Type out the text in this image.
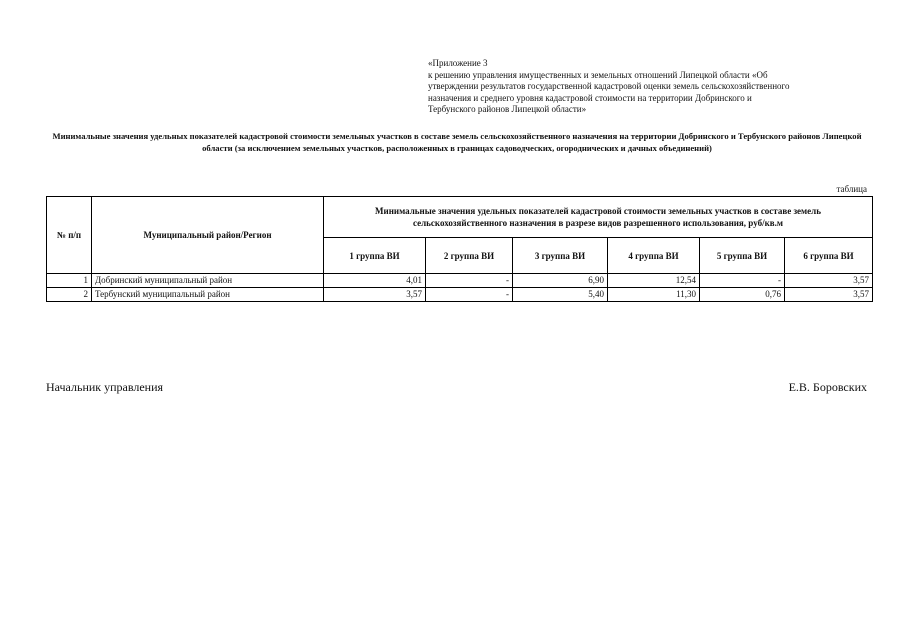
«Приложение 3
к решению управления имущественных и земельных отношений Липецкой области «Об
утверждении результатов государственной кадастровой оценки земель сельскохозяйственного
назначения и среднего уровня кадастровой стоимости на территории Добринского и
Тербунского районов Липецкой области»
Минимальные значения удельных показателей кадастровой стоимости земельных участков в составе земель сельскохозяйственного назначения на территории Добринского и Тербунского районов Липецкой области (за исключением земельных участков, расположенных в границах садоводческих, огороднических и дачных объединений)
таблица
№ п/п	Муниципальный район/Регион	Минимальные значения удельных показателей кадастровой стоимости земельных участков в составе земель сельскохозяйственного назначения в разрезе видов разрешенного использования, руб/кв.м					
		1 группа ВИ	2 группа ВИ	3 группа ВИ	4 группа ВИ	5 группа ВИ	6 группа ВИ
1	Добринский муниципальный район	4,01	-	6,90	12,54	-	3,57
2	Тербунский муниципальный район	3,57	-	5,40	11,30	0,76	3,57
Начальник управления	Е.В. Боровских
